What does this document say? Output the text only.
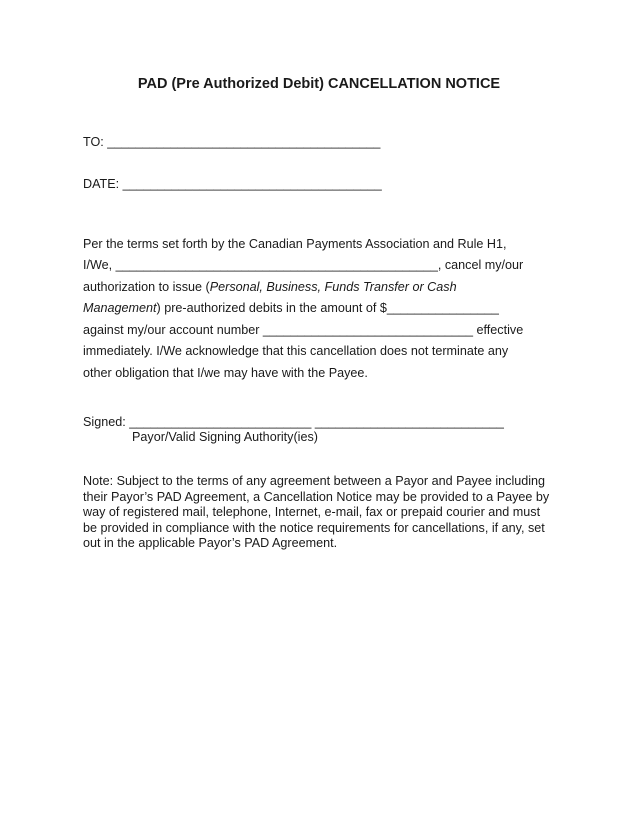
PAD (Pre Authorized Debit) CANCELLATION NOTICE
TO: _______________________________________
DATE: _____________________________________
Per the terms set forth by the Canadian Payments Association and Rule H1,
I/We, ______________________________________________, cancel my/our
authorization to issue (Personal, Business, Funds Transfer or Cash
Management) pre-authorized debits in the amount of $________________
against my/our account number ______________________________ effective
immediately. I/We acknowledge that this cancellation does not terminate any
other obligation that I/we may have with the Payee.
Signed: __________________________ ___________________________
Payor/Valid Signing Authority(ies)
Note: Subject to the terms of any agreement between a Payor and Payee including their Payor’s PAD Agreement, a Cancellation Notice may be provided to a Payee by way of registered mail, telephone, Internet, e-mail, fax or prepaid courier and must be provided in compliance with the notice requirements for cancellations, if any, set out in the applicable Payor’s PAD Agreement.
